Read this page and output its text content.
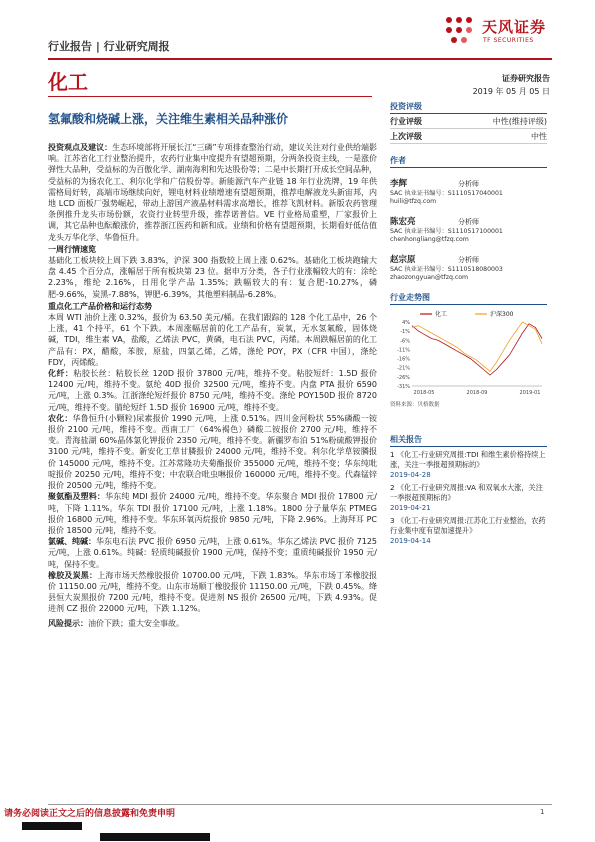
天风证券
TF SECURITIES
行业报告 | 行业研究周报
化工	证券研究报告
2019 年 05 月 05 日
氢氟酸和烧碱上涨，关注维生素相关品种涨价

投资观点及建议：生态环境部将开展长江“三磷”专项排查整治行动，建议关注对行业供给端影响。江苏省化工行业整治提升，农药行业集中度提升有望超预期，分两条投资主线，一是涨价弹性大品种，受益标的为百傲化学、湖南海利和先达股份等；二是中长期打开成长空间品种，受益标的为扬农化工、利尔化学和广信股份等。新能源汽车产业链 18 年行业洗牌，19 年供需格局好转，高端市场继续向好，锂电材料业绩增速有望超预期，推荐电解液龙头新宙邦，内地 LCD 面板厂强势崛起，带动上游国产液晶材料需求高增长，推荐飞凯材料。新版农药管理条例推升龙头市场份额，农资行业转型升级，推荐诺普信。VE 行业格局重塑，厂家报价上调，其它品种也酝酿涨价，推荐浙江医药和新和成。业绩和价格有望超预期，长期看好低估值龙头万华化学、华鲁恒升。

一周行情速览

基础化工板块较上周下跌 3.83%，沪深 300 指数较上周上涨 0.62%。基础化工板块跑输大盘 4.45 个百分点，涨幅居于所有板块第 23 位。据申万分类，各子行业涨幅较大的有：涂纶 2.23%，维纶 2.16%，日用化学产品 1.35%；跌幅较大的有：复合肥-10.27%，磷肥-9.66%，炭黑-7.88%，钾肥-6.39%，其他塑料制品-6.28%。

重点化工产品价格和运行态势

本周 WTI 油价上涨 0.32%，报价为 63.50 美元/桶。在我们跟踪的 128 个化工品中，26 个上涨，41 个持平，61 个下跌。本周涨幅居前的化工产品有，炭氧，无水氢氟酸，固体烧碱，TDI，维生素 VA，盐酸，乙烯法 PVC，黄磷，电石法 PVC，丙烯。本周跌幅居前的化工产品有：PX，醋酸，苯胺，原盐，四氯乙烯，乙烯，涤纶 POY，PX（CFR 中国），涤纶 FDY，丙烯酸。

化纤：粘胶长丝：粘胶长丝 120D 报价 37800 元/吨，维持不变。粘胶短纤：1.5D 报价 12400 元/吨，维持不变。氨纶 40D 报价 32500 元/吨，维持不变。内盘 PTA 报价 6590 元/吨，上涨 0.3%。江浙涤纶短纤报价 8750 元/吨，维持不变。涤纶 POY150D 报价 8720 元/吨，维持不变。腈纶短纤 1.5D 报价 16900 元/吨，维持不变。

农化：华鲁恒升(小颗粒)尿素报价 1990 元/吨，上涨 0.51%。四川金河粉状 55%磷酸一铵报价 2100 元/吨，维持不变。西南工厂（64%褐色）磷酸二铵报价 2700 元/吨，维持不变。青海盐湖 60%晶体氯化钾报价 2350 元/吨，维持不变。新疆罗布泊 51%粉硫酸钾报价 3100 元/吨，维持不变。新安化工草甘膦报价 24000 元/吨，维持不变。利尔化学草铵膦报价 145000 元/吨，维持不变。江苏常隆功夫菊酯报价 355000 元/吨，维持不变；华东纯吡啶报价 20250 元/吨，维持不变；中农联合吡虫啉报价 160000 元/吨，维持不变。代森锰锌报价 20500 元/吨，维持不变。

聚氨酯及塑料：华东纯 MDI 报价 24000 元/吨，维持不变。华东聚合 MDI 报价 17800 元/吨，下降 1.11%。华东 TDI 报价 17100 元/吨，上涨 1.18%。1800 分子量华东 PTMEG 报价 16800 元/吨，维持不变。华东环氧丙烷报价 9850 元/吨，下降 2.96%。上海拜耳 PC 报价 18500 元/吨，维持不变。

氯碱、纯碱：华东电石法 PVC 报价 6950 元/吨，上涨 0.61%。华东乙烯法 PVC 报价 7125 元/吨，上涨 0.61%。纯碱：轻质纯碱报价 1900 元/吨，保持不变；重质纯碱报价 1950 元/吨，保持不变。

橡胶及炭黑：上海市场天然橡胶报价 10700.00 元/吨，下跌 1.83%。华东市场丁苯橡胶报价 11150.00 元/吨，维持不变。山东市场顺丁橡胶报价 11150.00 元/吨，下跌 0.45%。绛县恒大炭黑报价 7200 元/吨，维持不变。促进剂 NS 报价 26500 元/吨，下跌 4.93%。促进剂 CZ 报价 22000 元/吨，下跌 1.12%。

风险提示：油价下跌；重大安全事故。

投资评级
行业评级	中性(维持评级)
上次评级	中性
作者
李辉	分析师
SAC 执业证书编号：S1110517040001
huili@tfzq.com
陈宏亮	分析师
SAC 执业证书编号：S1110517100001
chenhongliang@tfzq.com
赵宗原	分析师
SAC 执业证书编号：S1110518080003
zhaozongyuan@tfzq.com
行业走势图
4%
-1%
-6%
-11%
-16%
-21%
-26%
-31%
2018-05	2018-09	2019-01
化工	沪深300
资料来源：贝格数据
相关报告
1 《化工-行业研究周报:TDI 和维生素价格持续上涨，关注一季报超预期标的》
2019-04-28
2 《化工-行业研究周报:VA 和双氧水大涨，关注一季报超预期标的》
2019-04-21
3 《化工-行业研究周报:江苏化工行业整治，农药行业集中度有望加速提升》
2019-04-14
请务必阅读正文之后的信息披露和免责申明	1
